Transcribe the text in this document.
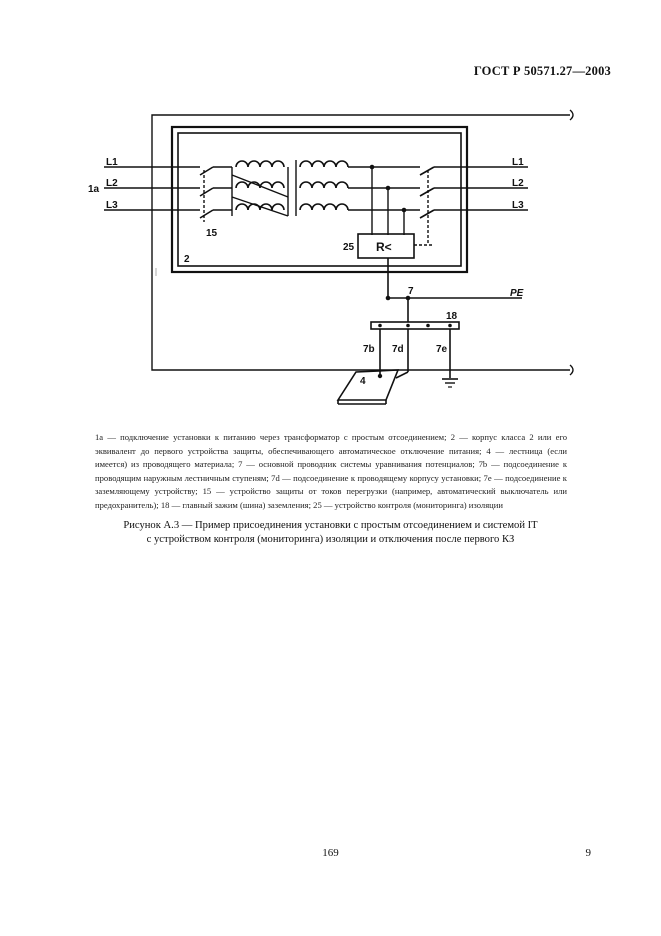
ГОСТ Р 50571.27—2003
L1
L2
L3
1a
L1
L2
L3
15
2
25 R<
7	PE
18
7b 7d	7e
4
1a — подключение установки к питанию через трансформатор с простым отсоединением; 2 — корпус класса 2 или его эквивалент до первого устройства защиты, обеспечивающего автоматическое отключение питания; 4 — лестница (если имеется) из проводящего материала; 7 — основной проводник системы уравнивания потенциалов; 7b — подсоединение к проводящим наружным лестничным ступеням; 7d — подсоединение к проводящему корпусу установки; 7e — подсоединение к заземляющему устройству; 15 — устройство защиты от токов перегрузки (например, автоматический выключатель или предохранитель); 18 — главный зажим (шина) заземления; 25 — устройство контроля (мониторинга) изоляции
Рисунок А.3 — Пример присоединения установки с простым отсоединением и системой IT
с устройством контроля (мониторинга) изоляции и отключения после первого КЗ
169	9
